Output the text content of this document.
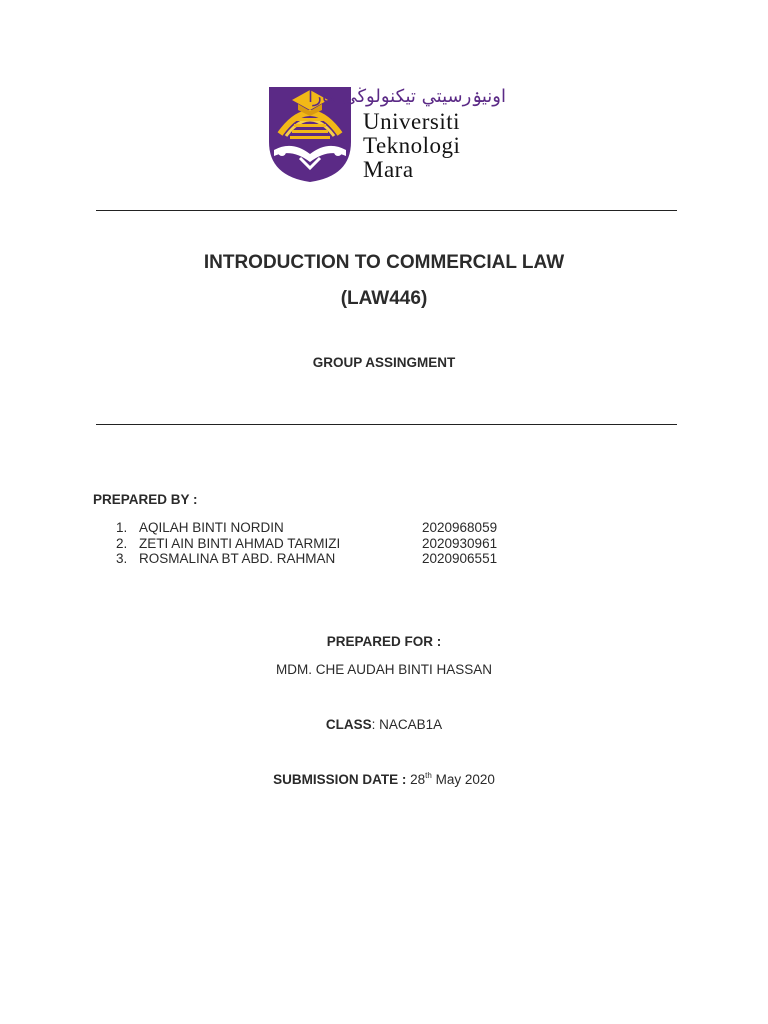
اونيۏرسيتي تيكنولوڬي مارا
Universiti
Teknologi
Mara
INTRODUCTION TO COMMERCIAL LAW
(LAW446)
GROUP ASSINGMENT
PREPARED BY :
1. AQILAH BINTI NORDIN	2020968059
2. ZETI AIN BINTI AHMAD TARMIZI	2020930961
3. ROSMALINA BT ABD. RAHMAN	2020906551
PREPARED FOR :
MDM. CHE AUDAH BINTI HASSAN
CLASS: NACAB1A
SUBMISSION DATE : 28th May 2020
